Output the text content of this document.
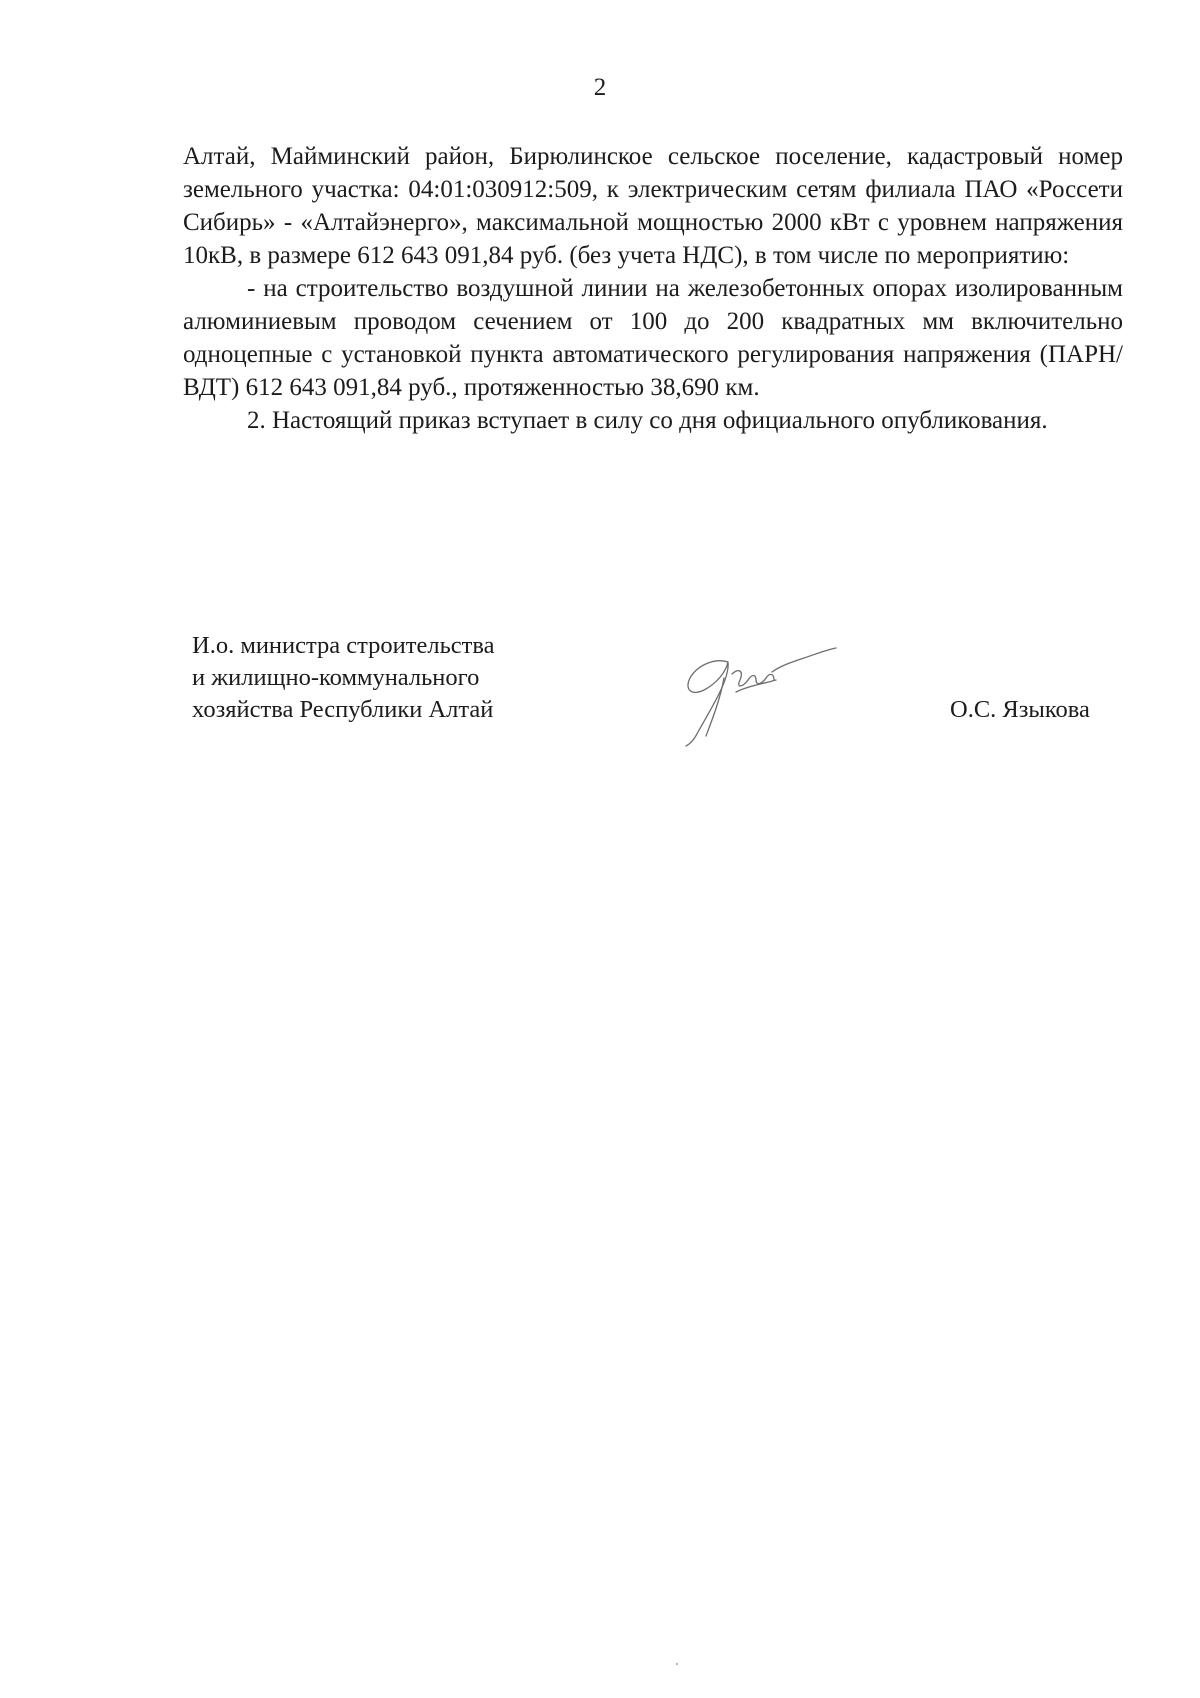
2

Алтай, Майминский район, Бирюлинское сельское поселение, кадастровый номер земельного участка: 04:01:030912:509, к электрическим сетям филиала ПАО «Россети Сибирь» - «Алтайэнерго», максимальной мощностью 2000 кВт с уровнем напряжения 10кВ, в размере 612 643 091,84 руб. (без учета НДС), в том числе по мероприятию:

- на строительство воздушной линии на железобетонных опорах изолированным алюминиевым проводом сечением от 100 до 200 квадратных мм включительно одноцепные с установкой пункта автоматического регулирования напряжения (ПАРН/ВДТ) 612 643 091,84 руб., протяженностью 38,690 км.

2. Настоящий приказ вступает в силу со дня официального опубликования.

И.о. министра строительства
и жилищно-коммунального
хозяйства Республики Алтай	О.С. Языкова
